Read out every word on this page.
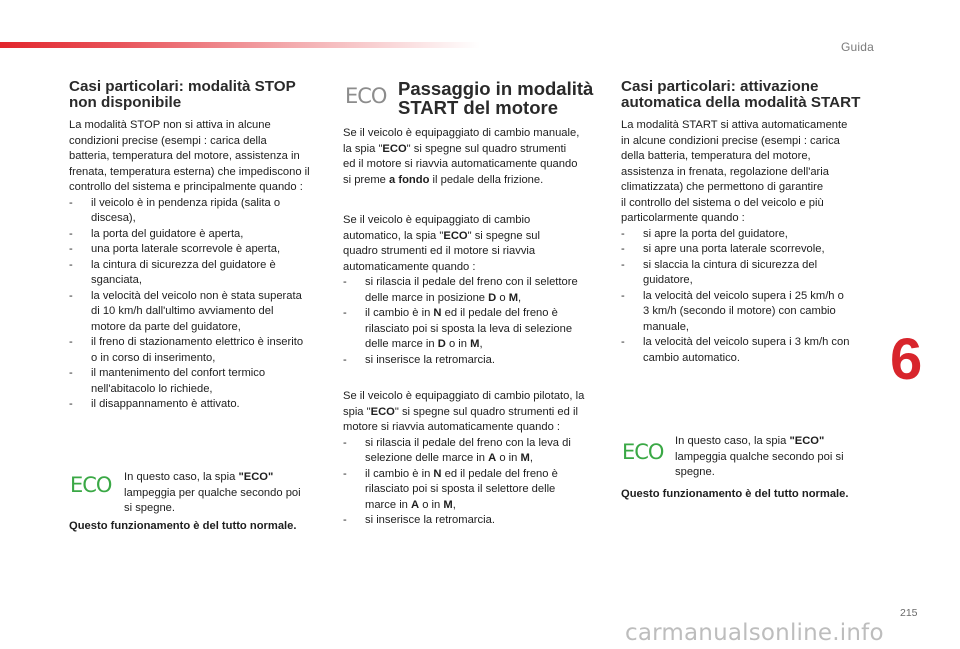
Guida
Casi particolari: modalità STOP
non disponibile

La modalità STOP non si attiva in alcune
condizioni precise (esempi : carica della
batteria, temperatura del motore, assistenza in
frenata, temperatura esterna) che impediscono il
controllo del sistema e principalmente quando :

- il veicolo è in pendenza ripida (salita o
discesa),
- la porta del guidatore è aperta,
- una porta laterale scorrevole è aperta,
- la cintura di sicurezza del guidatore è
sganciata,
- la velocità del veicolo non è stata superata
di 10 km/h dall'ultimo avviamento del
motore da parte del guidatore,
- il freno di stazionamento elettrico è inserito
o in corso di inserimento,
- il mantenimento del confort termico
nell'abitacolo lo richiede,
- il disappannamento è attivato.
ECO In questo caso, la spia "ECO"
lampeggia per qualche secondo poi
si spegne.
Questo funzionamento è del tutto normale.
ECO Passaggio in modalità
START del motore

Se il veicolo è equipaggiato di cambio manuale,
la spia "ECO" si spegne sul quadro strumenti
ed il motore si riavvia automaticamente quando
si preme a fondo il pedale della frizione.

Se il veicolo è equipaggiato di cambio
automatico, la spia "ECO" si spegne sul
quadro strumenti ed il motore si riavvia
automaticamente quando :

- si rilascia il pedale del freno con il selettore
delle marce in posizione D o M,
- il cambio è in N ed il pedale del freno è
rilasciato poi si sposta la leva di selezione
delle marce in D o in M,
- si inserisce la retromarcia.

Se il veicolo è equipaggiato di cambio pilotato, la
spia "ECO" si spegne sul quadro strumenti ed il
motore si riavvia automaticamente quando :

- si rilascia il pedale del freno con la leva di
selezione delle marce in A o in M,
- il cambio è in N ed il pedale del freno è
rilasciato poi si sposta il selettore delle
marce in A o in M,
- si inserisce la retromarcia.
Casi particolari: attivazione
automatica della modalità START

La modalità START si attiva automaticamente
in alcune condizioni precise (esempi : carica
della batteria, temperatura del motore,
assistenza in frenata, regolazione dell'aria
climatizzata) che permettono di garantire
il controllo del sistema o del veicolo e più
particolarmente quando :

- si apre la porta del guidatore,
- si apre una porta laterale scorrevole,
- si slaccia la cintura di sicurezza del
guidatore,
- la velocità del veicolo supera i 25 km/h o
3 km/h (secondo il motore) con cambio
manuale,
- la velocità del veicolo supera i 3 km/h con
cambio automatico.
ECO In questo caso, la spia "ECO"
lampeggia qualche secondo poi si
spegne.
Questo funzionamento è del tutto normale.
6
215
carmanualsonline.info
